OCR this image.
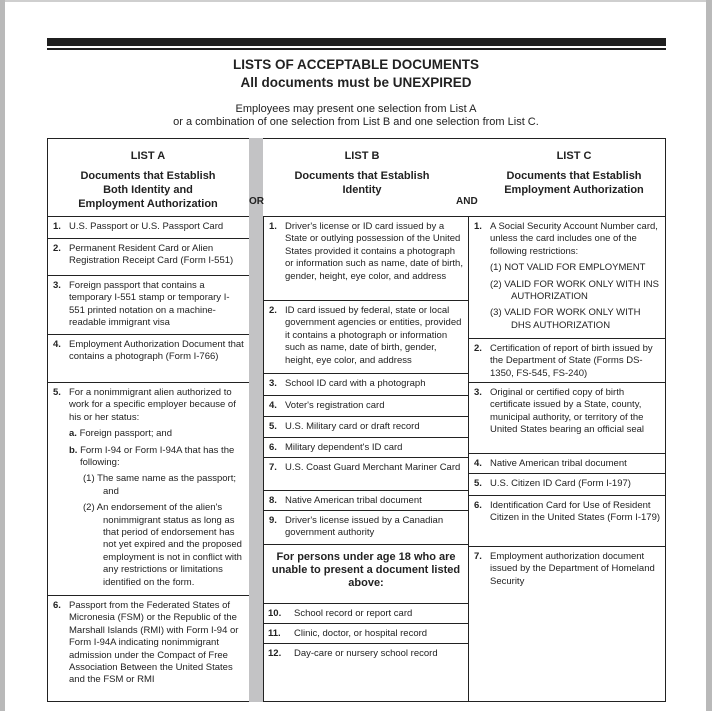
LISTS OF ACCEPTABLE DOCUMENTS
All documents must be UNEXPIRED
Employees may present one selection from List A
or a combination of one selection from List B and one selection from List C.
LIST A
Documents that Establish
Both Identity and
Employment Authorization	OR
LIST B
Documents that Establish
Identity
AND
LIST C
Documents that Establish
Employment Authorization
1. U.S. Passport or U.S. Passport Card
2. Permanent Resident Card or Alien Registration Receipt Card (Form I-551)
3. Foreign passport that contains a temporary I-551 stamp or temporary I-551 printed notation on a machine-readable immigrant visa
4. Employment Authorization Document that contains a photograph (Form I-766)
5. For a nonimmigrant alien authorized to work for a specific employer because of his or her status:
a. Foreign passport; and
b. Form I-94 or Form I-94A that has the following:
(1) The same name as the passport; and
(2) An endorsement of the alien's nonimmigrant status as long as that period of endorsement has not yet expired and the proposed employment is not in conflict with any restrictions or limitations identified on the form.
6. Passport from the Federated States of Micronesia (FSM) or the Republic of the Marshall Islands (RMI) with Form I-94 or Form I-94A indicating nonimmigrant admission under the Compact of Free Association Between the United States and the FSM or RMI
1. Driver's license or ID card issued by a State or outlying possession of the United States provided it contains a photograph or information such as name, date of birth, gender, height, eye color, and address
2. ID card issued by federal, state or local government agencies or entities, provided it contains a photograph or information such as name, date of birth, gender, height, eye color, and address
3. School ID card with a photograph
4. Voter's registration card
5. U.S. Military card or draft record
6. Military dependent's ID card
7. U.S. Coast Guard Merchant Mariner Card
8. Native American tribal document
9. Driver's license issued by a Canadian government authority
For persons under age 18 who are unable to present a document listed above:
10. School record or report card
11. Clinic, doctor, or hospital record
12. Day-care or nursery school record
1. A Social Security Account Number card, unless the card includes one of the following restrictions:
(1) NOT VALID FOR EMPLOYMENT
(2) VALID FOR WORK ONLY WITH INS AUTHORIZATION
(3) VALID FOR WORK ONLY WITH DHS AUTHORIZATION
2. Certification of report of birth issued by the Department of State (Forms DS-1350, FS-545, FS-240)
3. Original or certified copy of birth certificate issued by a State, county, municipal authority, or territory of the United States bearing an official seal
4. Native American tribal document
5. U.S. Citizen ID Card (Form I-197)
6. Identification Card for Use of Resident Citizen in the United States (Form I-179)
7. Employment authorization document issued by the Department of Homeland Security
